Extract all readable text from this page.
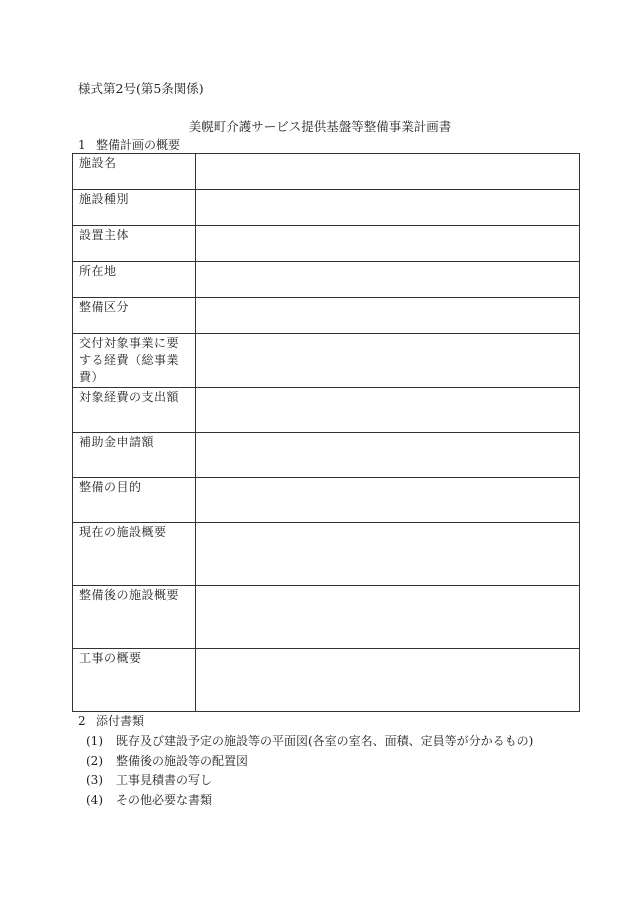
様式第2号(第5条関係)
美幌町介護サービス提供基盤等整備事業計画書
1 整備計画の概要
施設名	
施設種別	
設置主体	
所在地	
整備区分	
交付対象事業に要する経費（総事業費）	
対象経費の支出額	
補助金申請額	
整備の目的	
現在の施設概要	
整備後の施設概要	
工事の概要	
2 添付書類
(1) 既存及び建設予定の施設等の平面図(各室の室名、面積、定員等が分かるもの)
(2) 整備後の施設等の配置図
(3) 工事見積書の写し
(4) その他必要な書類
